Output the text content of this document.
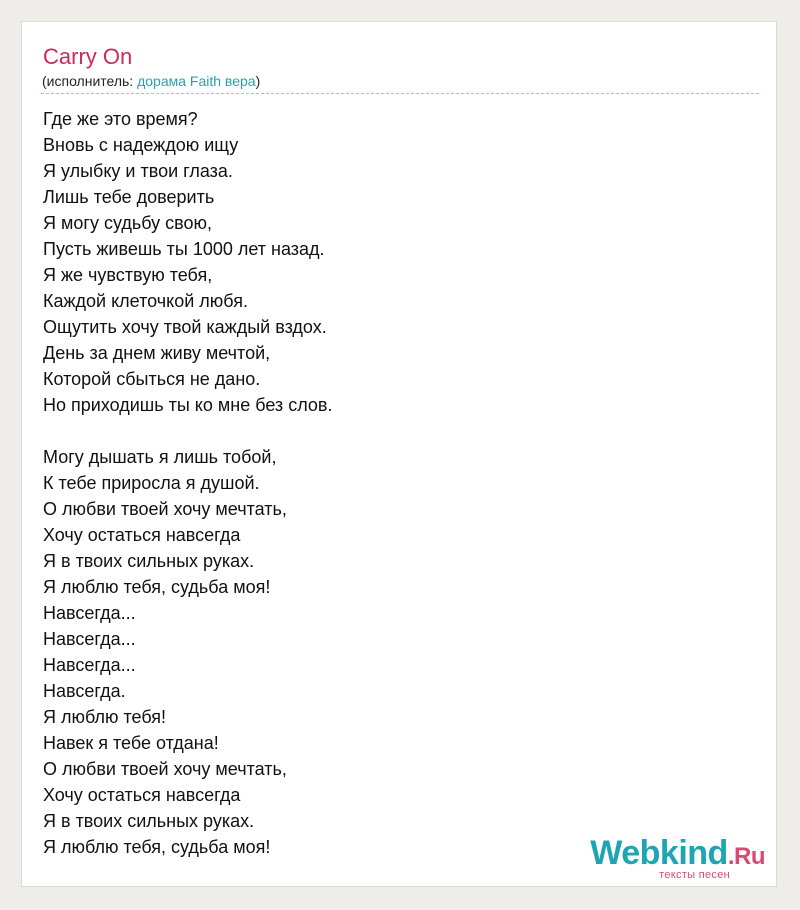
Carry On
(исполнитель: дорама Faith вера)
Где же это время?
Вновь с надеждою ищу
Я улыбку и твои глаза.
Лишь тебе доверить
Я могу судьбу свою,
Пусть живешь ты 1000 лет назад.
Я же чувствую тебя,
Каждой клеточкой любя.
Ощутить хочу твой каждый вздох.
День за днем живу мечтой,
Которой сбыться не дано.
Но приходишь ты ко мне без слов.
Могу дышать я лишь тобой,
К тебе приросла я душой.
О любви твоей хочу мечтать,
Хочу остаться навсегда
Я в твоих сильных руках.
Я люблю тебя, судьба моя!
Навсегда...
Навсегда...
Навсегда...
Навсегда.
Я люблю тебя!
Навек я тебе отдана!
О любви твоей хочу мечтать,
Хочу остаться навсегда
Я в твоих сильных руках.
Я люблю тебя, судьба моя!	Webkind.Ru
тексты песен
